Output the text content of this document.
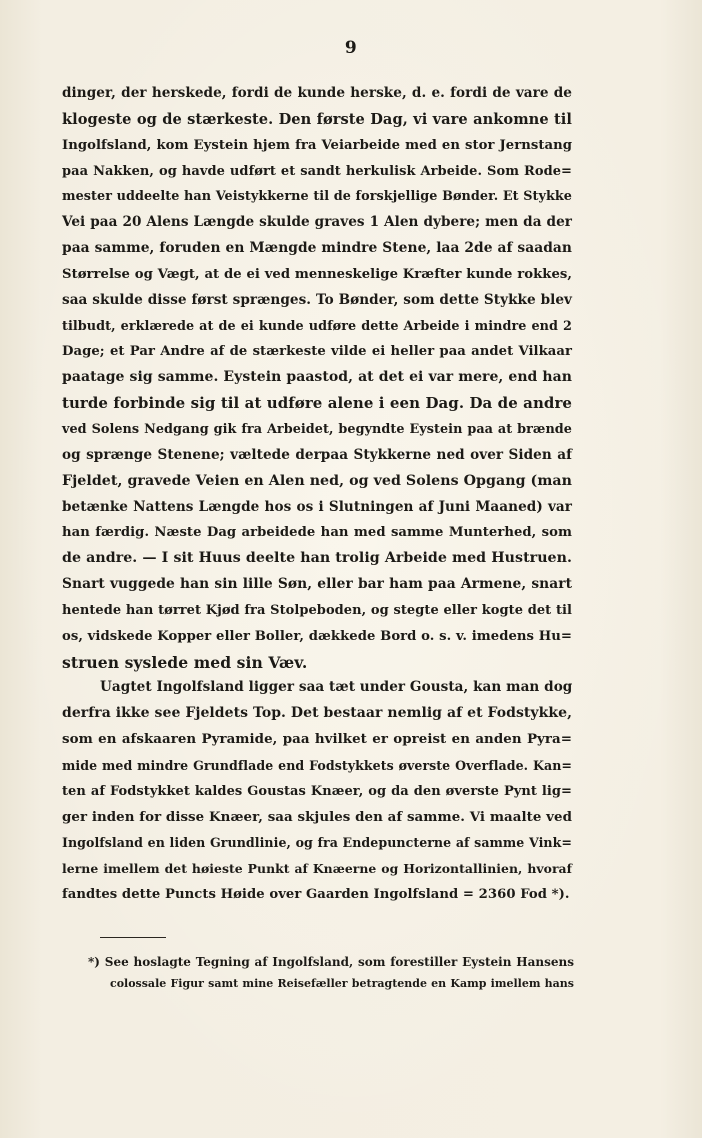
9
dinger, der herskede, fordi de kunde herske, d. e. fordi de vare de
klogeste og de stærkeste. Den første Dag, vi vare ankomne til
Ingolfsland, kom Eystein hjem fra Veiarbeide med en stor Jernstang
paa Nakken, og havde udført et sandt herkulisk Arbeide. Som Rode=
mester uddeelte han Veistykkerne til de forskjellige Bønder. Et Stykke
Vei paa 20 Alens Længde skulde graves 1 Alen dybere; men da der
paa samme, foruden en Mængde mindre Stene, laa 2de af saadan
Størrelse og Vægt, at de ei ved menneskelige Kræfter kunde rokkes,
saa skulde disse først sprænges. To Bønder, som dette Stykke blev
tilbudt, erklærede at de ei kunde udføre dette Arbeide i mindre end 2
Dage; et Par Andre af de stærkeste vilde ei heller paa andet Vilkaar
paatage sig samme. Eystein paastod, at det ei var mere, end han
turde forbinde sig til at udføre alene i een Dag. Da de andre
ved Solens Nedgang gik fra Arbeidet, begyndte Eystein paa at brænde
og sprænge Stenene; væltede derpaa Stykkerne ned over Siden af
Fjeldet, gravede Veien en Alen ned, og ved Solens Opgang (man
betænke Nattens Længde hos os i Slutningen af Juni Maaned) var
han færdig. Næste Dag arbeidede han med samme Munterhed, som
de andre. — I sit Huus deelte han trolig Arbeide med Hustruen.
Snart vuggede han sin lille Søn, eller bar ham paa Armene, snart
hentede han tørret Kjød fra Stolpeboden, og stegte eller kogte det til
os, vidskede Kopper eller Boller, dækkede Bord o. s. v. imedens Hu=
struen syslede med sin Væv.
Uagtet Ingolfsland ligger saa tæt under Gousta, kan man dog
derfra ikke see Fjeldets Top. Det bestaar nemlig af et Fodstykke,
som en afskaaren Pyramide, paa hvilket er opreist en anden Pyra=
mide med mindre Grundflade end Fodstykkets øverste Overflade. Kan=
ten af Fodstykket kaldes Goustas Knæer, og da den øverste Pynt lig=
ger inden for disse Knæer, saa skjules den af samme. Vi maalte ved
Ingolfsland en liden Grundlinie, og fra Endepuncterne af samme Vink=
lerne imellem det høieste Punkt af Knæerne og Horizontallinien, hvoraf
fandtes dette Puncts Høide over Gaarden Ingolfsland = 2360 Fod *).
*) See hoslagte Tegning af Ingolfsland, som forestiller Eystein Hansens
colossale Figur samt mine Reisefæller betragtende en Kamp imellem hans
